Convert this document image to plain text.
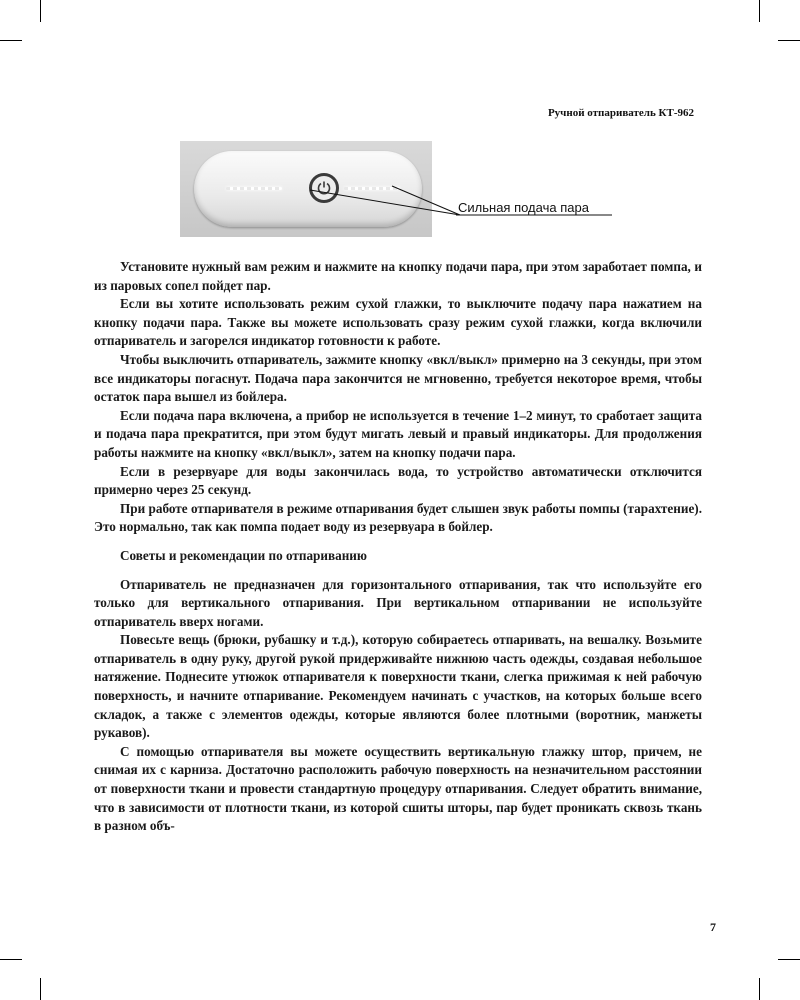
Ручной отпариватель КТ-962
Сильная подача пара

Установите нужный вам режим и нажмите на кнопку подачи пара, при этом заработает помпа, и из паровых сопел пойдет пар.

Если вы хотите использовать режим сухой глажки, то выключите подачу пара нажатием на кнопку подачи пара. Также вы можете использовать сразу режим сухой глажки, когда включили отпариватель и загорелся индикатор готовности к работе.

Чтобы выключить отпариватель, зажмите кнопку «вкл/выкл» примерно на 3 секунды, при этом все индикаторы погаснут. Подача пара закончится не мгновенно, требуется некоторое время, чтобы остаток пара вышел из бойлера.

Если подача пара включена, а прибор не используется в течение 1–2 минут, то сработает защита и подача пара прекратится, при этом будут мигать левый и правый индикаторы. Для продолжения работы нажмите на кнопку «вкл/выкл», затем на кнопку подачи пара.

Если в резервуаре для воды закончилась вода, то устройство автоматически отключится примерно через 25 секунд.

При работе отпаривателя в режиме отпаривания будет слышен звук работы помпы (тарахтение). Это нормально, так как помпа подает воду из резервуара в бойлер.

Советы и рекомендации по отпариванию

Отпариватель не предназначен для горизонтального отпаривания, так что используйте его только для вертикального отпаривания. При вертикальном отпаривании не используйте отпариватель вверх ногами.

Повесьте вещь (брюки, рубашку и т.д.), которую собираетесь отпаривать, на вешалку. Возьмите отпариватель в одну руку, другой рукой придерживайте нижнюю часть одежды, создавая небольшое натяжение. Поднесите утюжок отпаривателя к поверхности ткани, слегка прижимая к ней рабочую поверхность, и начните отпаривание. Рекомендуем начинать с участков, на которых больше всего складок, а также с элементов одежды, которые являются более плотными (воротник, манжеты рукавов).

С помощью отпаривателя вы можете осуществить вертикальную глажку штор, причем, не снимая их с карниза. Достаточно расположить рабочую поверхность на незначительном расстоянии от поверхности ткани и провести стандартную процедуру отпаривания. Следует обратить внимание, что в зависимости от плотности ткани, из которой сшиты шторы, пар будет проникать сквозь ткань в разном объ-

7
